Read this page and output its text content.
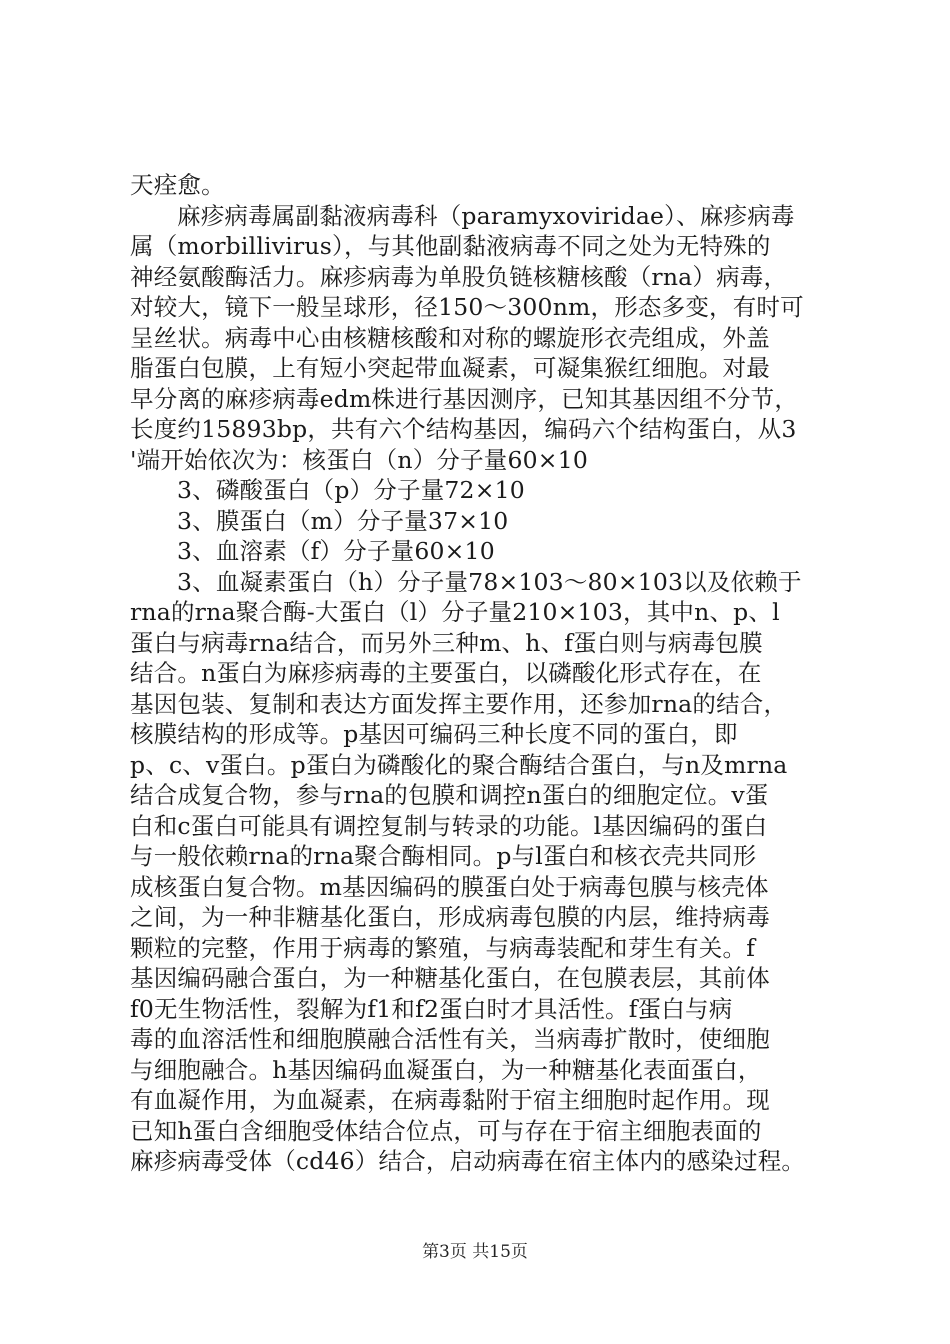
天痊愈。
麻疹病毒属副黏液病毒科（paramyxoviridae）、麻疹病毒
属（morbillivirus），与其他副黏液病毒不同之处为无特殊的
神经氨酸酶活力。麻疹病毒为单股负链核糖核酸（rna）病毒，
对较大，镜下一般呈球形，径150～300nm，形态多变，有时可
呈丝状。病毒中心由核糖核酸和对称的螺旋形衣壳组成，外盖
脂蛋白包膜，上有短小突起带血凝素，可凝集猴红细胞。对最
早分离的麻疹病毒edm株进行基因测序，已知其基因组不分节，
长度约15893bp，共有六个结构基因，编码六个结构蛋白，从3
'端开始依次为：核蛋白（n）分子量60×10
3、磷酸蛋白（p）分子量72×10
3、膜蛋白（m）分子量37×10
3、血溶素（f）分子量60×10
3、血凝素蛋白（h）分子量78×103～80×103以及依赖于
rna的rna聚合酶-大蛋白（l）分子量210×103，其中n、p、l
蛋白与病毒rna结合，而另外三种m、h、f蛋白则与病毒包膜
结合。n蛋白为麻疹病毒的主要蛋白，以磷酸化形式存在，在
基因包装、复制和表达方面发挥主要作用，还参加rna的结合，
核膜结构的形成等。p基因可编码三种长度不同的蛋白，即
p、c、v蛋白。p蛋白为磷酸化的聚合酶结合蛋白，与n及mrna
结合成复合物，参与rna的包膜和调控n蛋白的细胞定位。v蛋
白和c蛋白可能具有调控复制与转录的功能。l基因编码的蛋白
与一般依赖rna的rna聚合酶相同。p与l蛋白和核衣壳共同形
成核蛋白复合物。m基因编码的膜蛋白处于病毒包膜与核壳体
之间，为一种非糖基化蛋白，形成病毒包膜的内层，维持病毒
颗粒的完整，作用于病毒的繁殖，与病毒装配和芽生有关。f
基因编码融合蛋白，为一种糖基化蛋白，在包膜表层，其前体
f0无生物活性，裂解为f1和f2蛋白时才具活性。f蛋白与病
毒的血溶活性和细胞膜融合活性有关，当病毒扩散时，使细胞
与细胞融合。h基因编码血凝蛋白，为一种糖基化表面蛋白，
有血凝作用，为血凝素，在病毒黏附于宿主细胞时起作用。现
已知h蛋白含细胞受体结合位点，可与存在于宿主细胞表面的
麻疹病毒受体（cd46）结合，启动病毒在宿主体内的感染过程。
第3页 共15页
